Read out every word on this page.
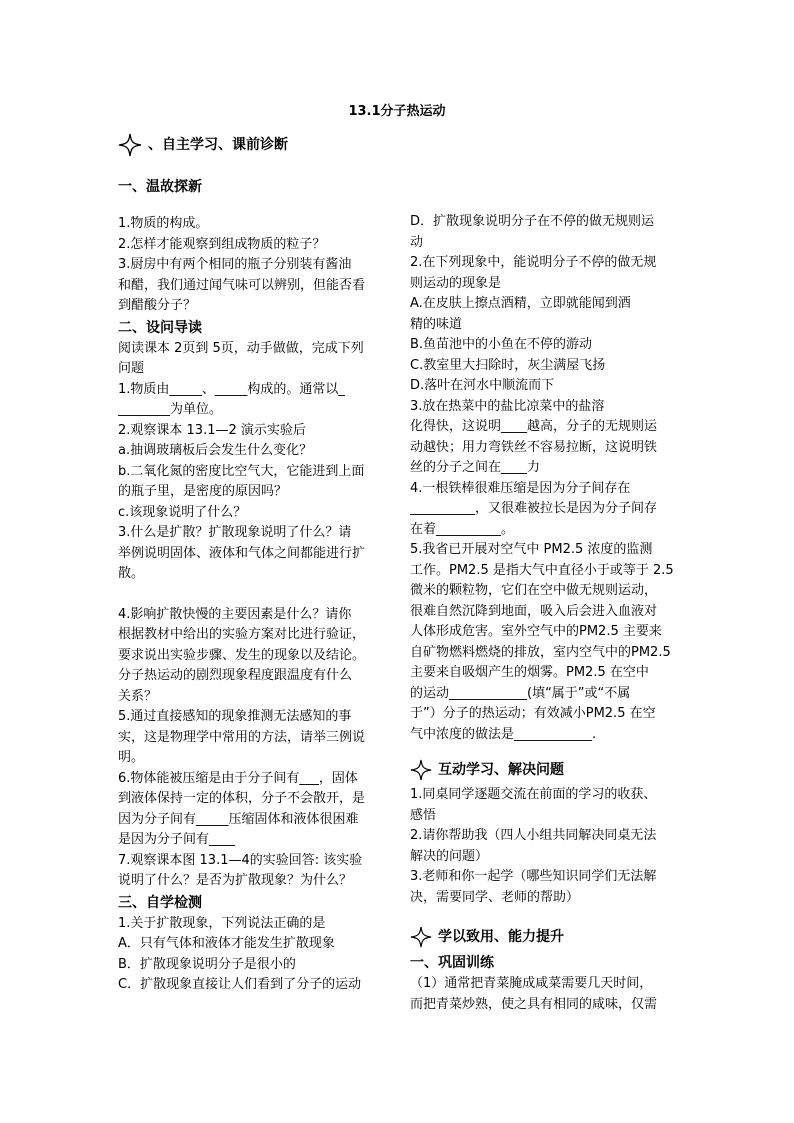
13.1分子热运动
、自主学习、课前诊断
一、温故探新
1.物质的构成。
2.怎样才能观察到组成物质的粒子？
3.厨房中有两个相同的瓶子分别装有酱油
和醋，我们通过闻气味可以辨别，但能否看
到醋酸分子？
二、设问导读
阅读课本 2页到 5页，动手做做，完成下列
问题
1.物质由_____、_____构成的。通常以_
________为单位。
2.观察课本 13.1—2 演示实验后
a.抽调玻璃板后会发生什么变化？
b.二氧化氮的密度比空气大，它能进到上面
的瓶子里，是密度的原因吗？
c.该现象说明了什么？
3.什么是扩散？扩散现象说明了什么？请
举例说明固体、液体和气体之间都能进行扩
散。
4.影响扩散快慢的主要因素是什么？请你
根据教材中给出的实验方案对比进行验证，
要求说出实验步骤、发生的现象以及结论。
分子热运动的剧烈现象程度跟温度有什么
关系？
5.通过直接感知的现象推测无法感知的事
实，这是物理学中常用的方法，请举三例说
明。
6.物体能被压缩是由于分子间有___，固体
到液体保持一定的体积，分子不会散开，是
因为分子间有_____压缩固体和液体很困难
是因为分子间有____
7.观察课本图 13.1—4的实验回答: 该实验
说明了什么？是否为扩散现象？为什么？
三、自学检测
1.关于扩散现象，下列说法正确的是
A．只有气体和液体才能发生扩散现象
B．扩散现象说明分子是很小的
C．扩散现象直接让人们看到了分子的运动
D．扩散现象说明分子在不停的做无规则运
动
2.在下列现象中，能说明分子不停的做无规
则运动的现象是
A.在皮肤上擦点酒精，立即就能闻到酒
精的味道
B.鱼苗池中的小鱼在不停的游动
C.教室里大扫除时，灰尘满屋飞扬
D.落叶在河水中顺流而下
3.放在热菜中的盐比凉菜中的盐溶
化得快，这说明____越高，分子的无规则运
动越快；用力弯铁丝不容易拉断，这说明铁
丝的分子之间在____力
4.一根铁棒很难压缩是因为分子间存在
__________，又很难被拉长是因为分子间存
在着__________。
5.我省已开展对空气中 PM2.5 浓度的监测
工作。PM2.5 是指大气中直径小于或等于 2.5
微米的颗粒物，它们在空中做无规则运动，
很难自然沉降到地面，吸入后会进入血液对
人体形成危害。室外空气中的PM2.5 主要来
自矿物燃料燃烧的排放，室内空气中的PM2.5
主要来自吸烟产生的烟雾。PM2.5 在空中
的运动____________(填“属于”或“不属
于”）分子的热运动；有效减小PM2.5 在空
气中浓度的做法是____________.
互动学习、解决问题
1.同桌同学逐题交流在前面的学习的收获、
感悟
2.请你帮助我（四人小组共同解决同桌无法
解决的问题）
3.老师和你一起学（哪些知识同学们无法解
决，需要同学、老师的帮助）
学以致用、能力提升
一、巩固训练
（1）通常把青菜腌成咸菜需要几天时间，
而把青菜炒熟，使之具有相同的咸味，仅需
